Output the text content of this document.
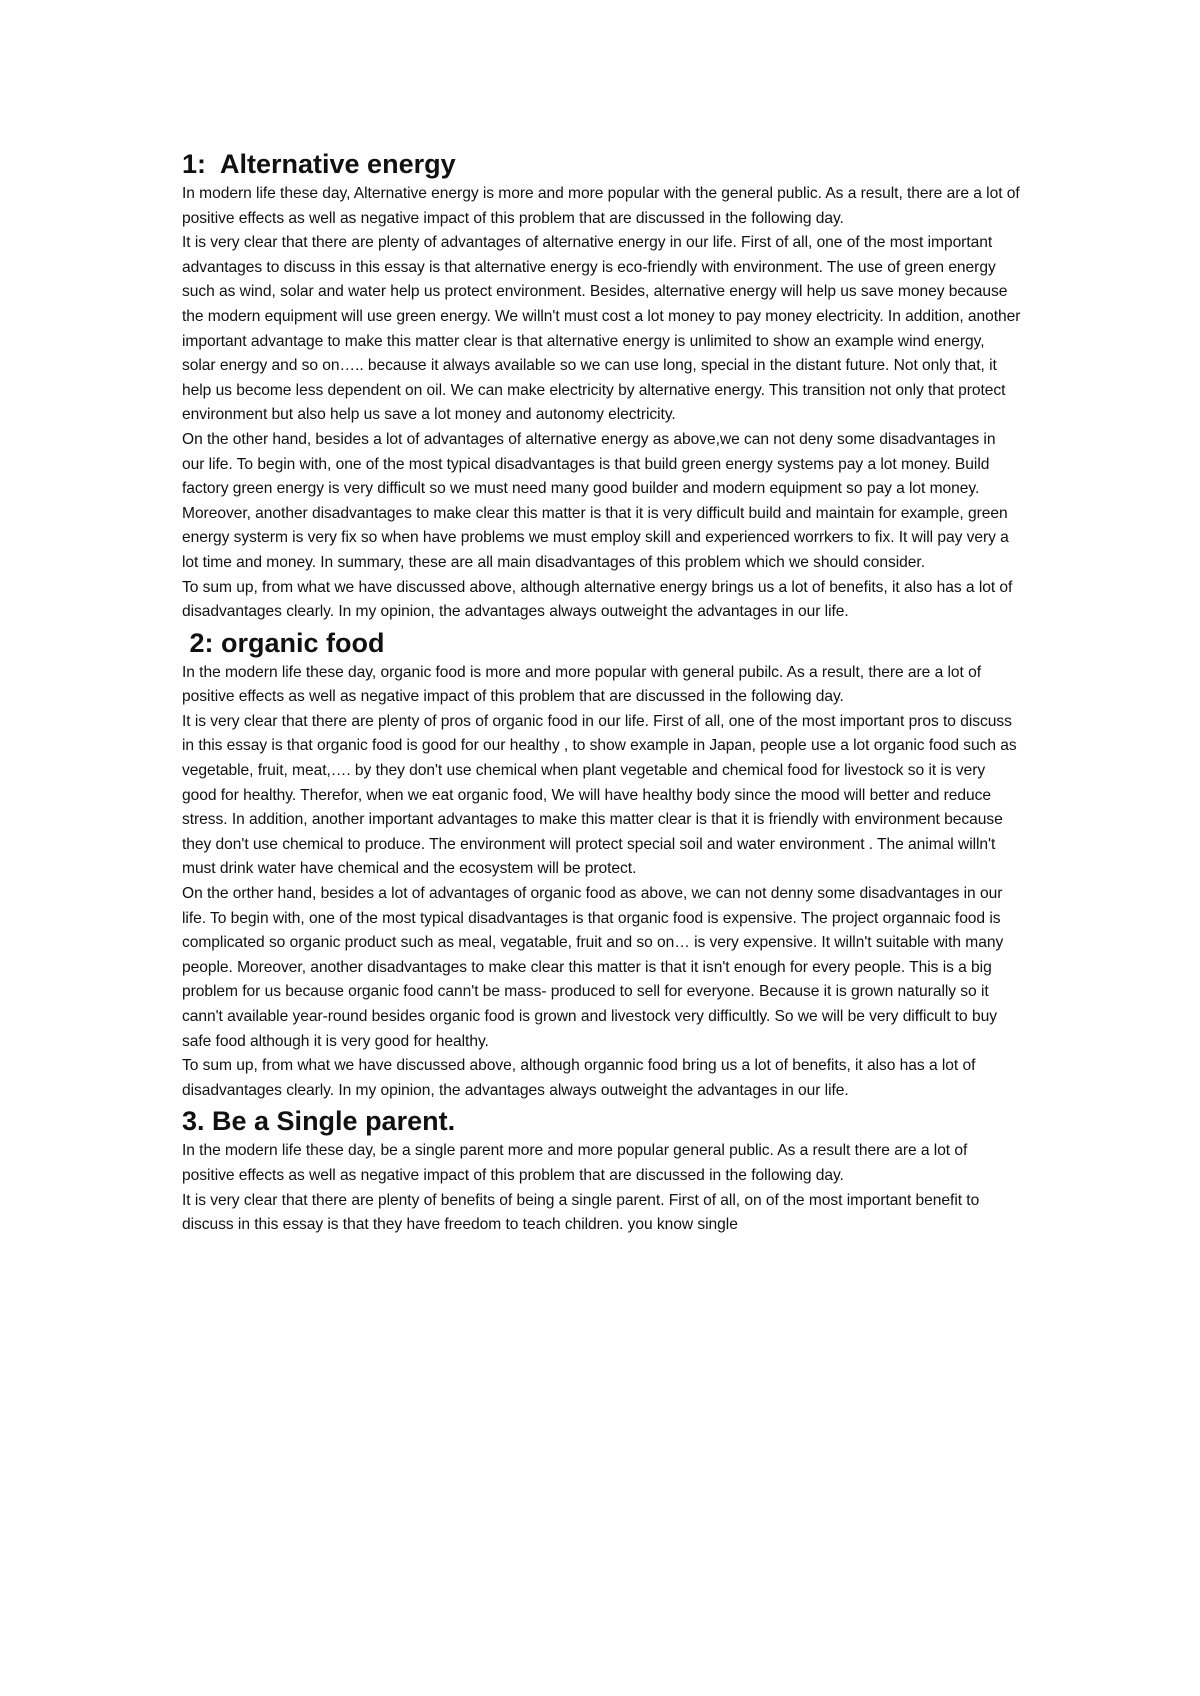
1:  Alternative energy

In modern life these day, Alternative energy is more and more popular with the general public. As a result, there are a lot of positive effects as well as negative impact of this problem that are discussed in the following day.

It is very clear that there are plenty of advantages of alternative energy in our life. First of all, one of the most important advantages to discuss in this essay is that alternative energy is eco-friendly with environment. The use of green energy such as wind, solar and water help us protect environment. Besides, alternative energy will help us save money because the modern equipment will use green energy. We willn't must cost a lot money to pay money electricity. In addition, another important advantage to make this matter clear is that alternative energy is unlimited to show an example wind energy, solar energy and so on….. because it always available so we can use long, special in the distant future. Not only that, it help us become less dependent on oil. We can make electricity by alternative energy. This transition not only that protect environment but also help us save a lot money and autonomy electricity.

On the other hand, besides a lot of advantages of alternative energy as above,we can not deny some disadvantages in our life. To begin with, one of the most typical disadvantages is that build green energy systems pay a lot money. Build factory green energy is very difficult so we must need many good builder and modern equipment so pay a lot money. Moreover, another disadvantages to make clear this matter is that it is very difficult build and maintain for example, green energy systerm is very fix so when have problems we must employ skill and experienced worrkers to fix. It will pay very a lot time and money. In summary, these are all main disadvantages of this problem which we should consider.

To sum up, from what we have discussed above, although alternative energy brings us a lot of benefits, it also has a lot of disadvantages clearly. In my opinion, the advantages always outweight the advantages in our life.

2: organic food

In the modern life these day, organic food is more and more popular with general pubilc. As a result, there are a lot of positive effects as well as negative impact of this problem that are discussed in the following day.

It is very clear that there are plenty of pros of organic food in our life. First of all, one of the most important pros to discuss in this essay is that organic food is good for our healthy , to show example in Japan, people use a lot organic food such as vegetable, fruit, meat,…. by they don't use chemical when plant vegetable and chemical food for livestock so it is very good for healthy. Therefor, when we eat organic food, We will have healthy body since the mood will better and reduce stress. In addition, another important advantages to make this matter clear is that it is friendly with environment because they don't use chemical to produce. The environment will protect special soil and water environment . The animal willn't must drink water have chemical and the ecosystem will be protect.

On the orther hand, besides a lot of advantages of organic food as above, we can not denny some disadvantages in our life. To begin with, one of the most typical disadvantages is that organic food is expensive. The project organnaic food is complicated so organic product such as meal, vegatable, fruit and so on… is very expensive. It willn't suitable with many people. Moreover, another disadvantages to make clear this matter is that it isn't enough for every people. This is a big problem for us because organic food cann't be mass- produced to sell for everyone. Because it is grown naturally so it cann't available year-round besides organic food is grown and livestock very difficultly. So we will be very difficult to buy safe food although it is very good for healthy.

To sum up, from what we have discussed above, although organnic food bring us a lot of benefits, it also has a lot of disadvantages clearly. In my opinion, the advantages always outweight the advantages in our life.

3. Be a Single parent.

In the modern life these day, be a single parent more and more popular general public. As a result there are a lot of positive effects as well as negative impact of this problem that are discussed in the following day.

It is very clear that there are plenty of benefits of being a single parent. First of all, on of the most important benefit to discuss in this essay is that they have freedom to teach children. you know single
